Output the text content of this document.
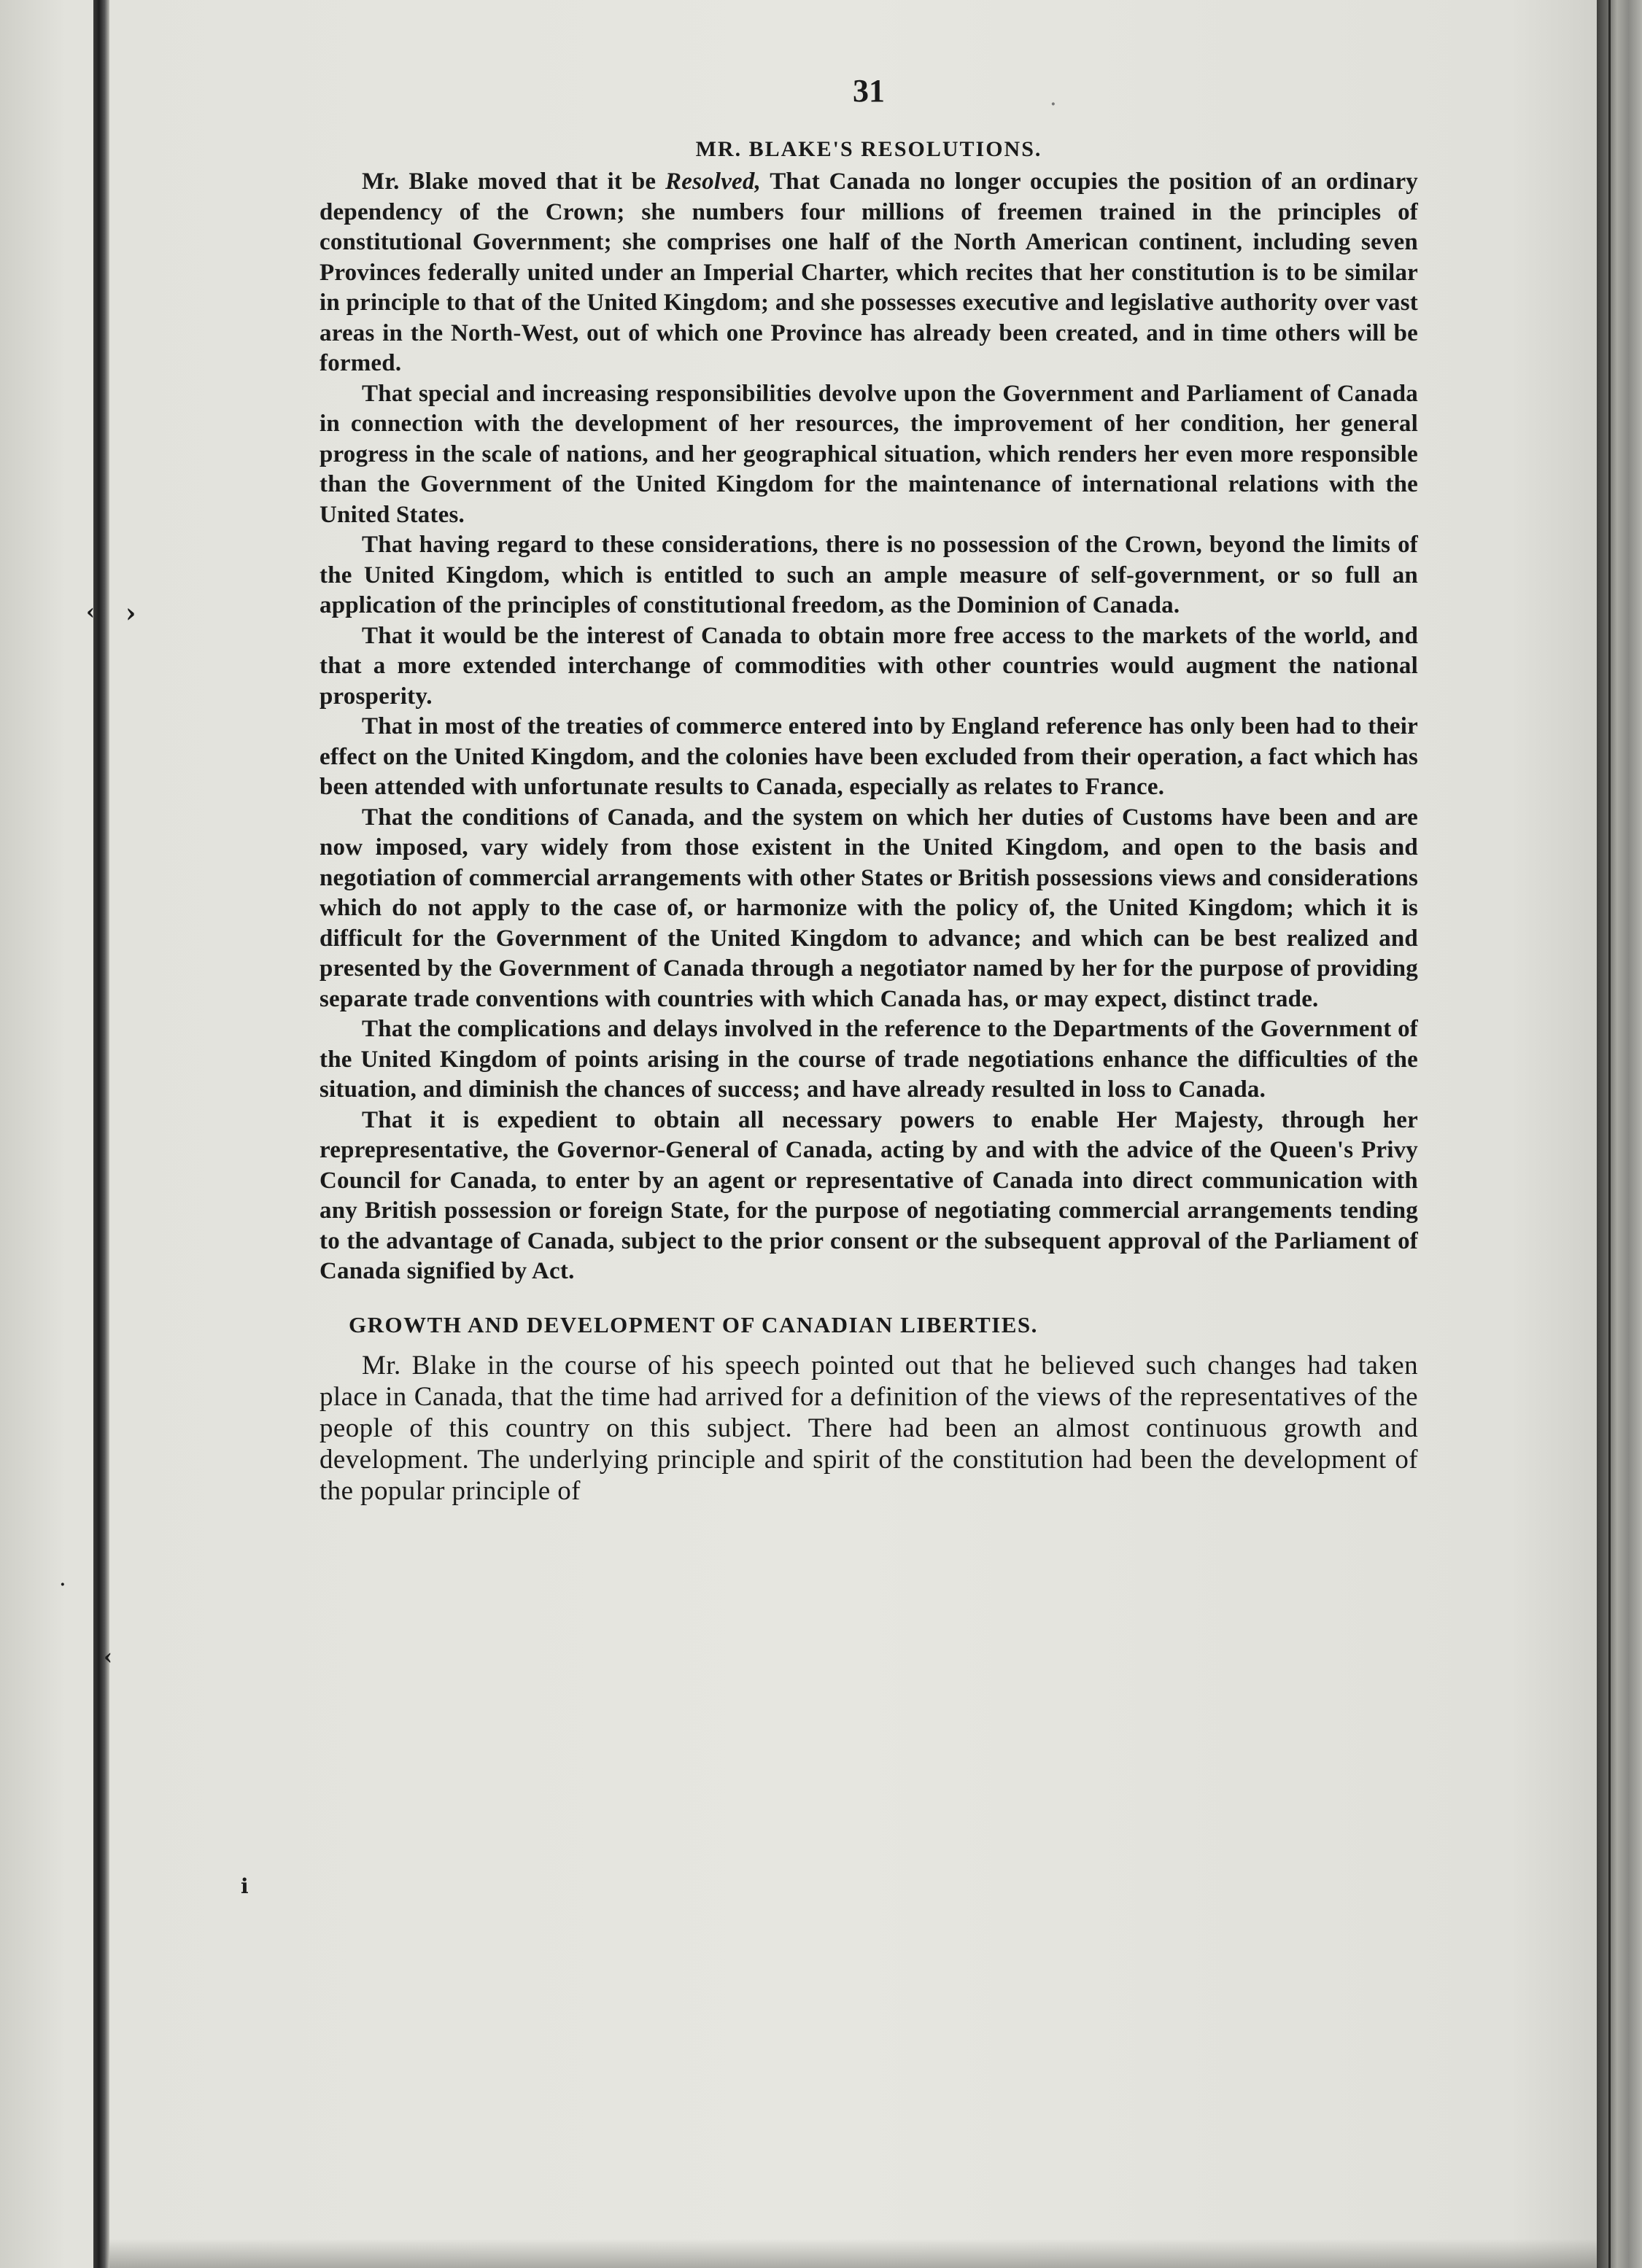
‹ ›
·
‹
і
·
31
MR. BLAKE'S RESOLUTIONS.

Mr. Blake moved that it be Resolved, That Canada no longer occupies the position of an ordinary dependency of the Crown; she numbers four millions of freemen trained in the principles of constitutional Government; she comprises one half of the North American continent, including seven Provinces federally united under an Imperial Charter, which recites that her constitution is to be similar in principle to that of the United Kingdom; and she possesses executive and legislative authority over vast areas in the North-West, out of which one Province has already been created, and in time others will be formed.

That special and increasing responsibilities devolve upon the Government and Parliament of Canada in connection with the development of her resources, the improvement of her condition, her general progress in the scale of nations, and her geographical situation, which renders her even more responsible than the Government of the United Kingdom for the maintenance of international relations with the United States.

That having regard to these considerations, there is no possession of the Crown, beyond the limits of the United Kingdom, which is entitled to such an ample measure of self-government, or so full an application of the principles of constitutional freedom, as the Dominion of Canada.

That it would be the interest of Canada to obtain more free access to the markets of the world, and that a more extended interchange of commodities with other countries would augment the national prosperity.

That in most of the treaties of commerce entered into by England reference has only been had to their effect on the United Kingdom, and the colonies have been excluded from their operation, a fact which has been attended with unfortunate results to Canada, especially as relates to France.

That the conditions of Canada, and the system on which her duties of Customs have been and are now imposed, vary widely from those existent in the United Kingdom, and open to the basis and negotiation of commercial arrangements with other States or British possessions views and considerations which do not apply to the case of, or harmonize with the policy of, the United Kingdom; which it is difficult for the Government of the United Kingdom to advance; and which can be best realized and presented by the Government of Canada through a negotiator named by her for the purpose of providing separate trade conventions with countries with which Canada has, or may expect, distinct trade.

That the complications and delays involved in the reference to the Departments of the Government of the United Kingdom of points arising in the course of trade negotiations enhance the difficulties of the situation, and diminish the chances of success; and have already resulted in loss to Canada.

That it is expedient to obtain all necessary powers to enable Her Majesty, through her reprepresentative, the Governor-General of Canada, acting by and with the advice of the Queen's Privy Council for Canada, to enter by an agent or representative of Canada into direct communication with any British possession or foreign State, for the purpose of negotiating commercial arrangements tending to the advantage of Canada, subject to the prior consent or the subsequent approval of the Parliament of Canada signified by Act.

GROWTH AND DEVELOPMENT OF CANADIAN LIBERTIES.

Mr. Blake in the course of his speech pointed out that he believed such changes had taken place in Canada, that the time had arrived for a definition of the views of the representatives of the people of this country on this subject. There had been an almost continuous growth and development. The underlying principle and spirit of the constitution had been the development of the popular principle of
